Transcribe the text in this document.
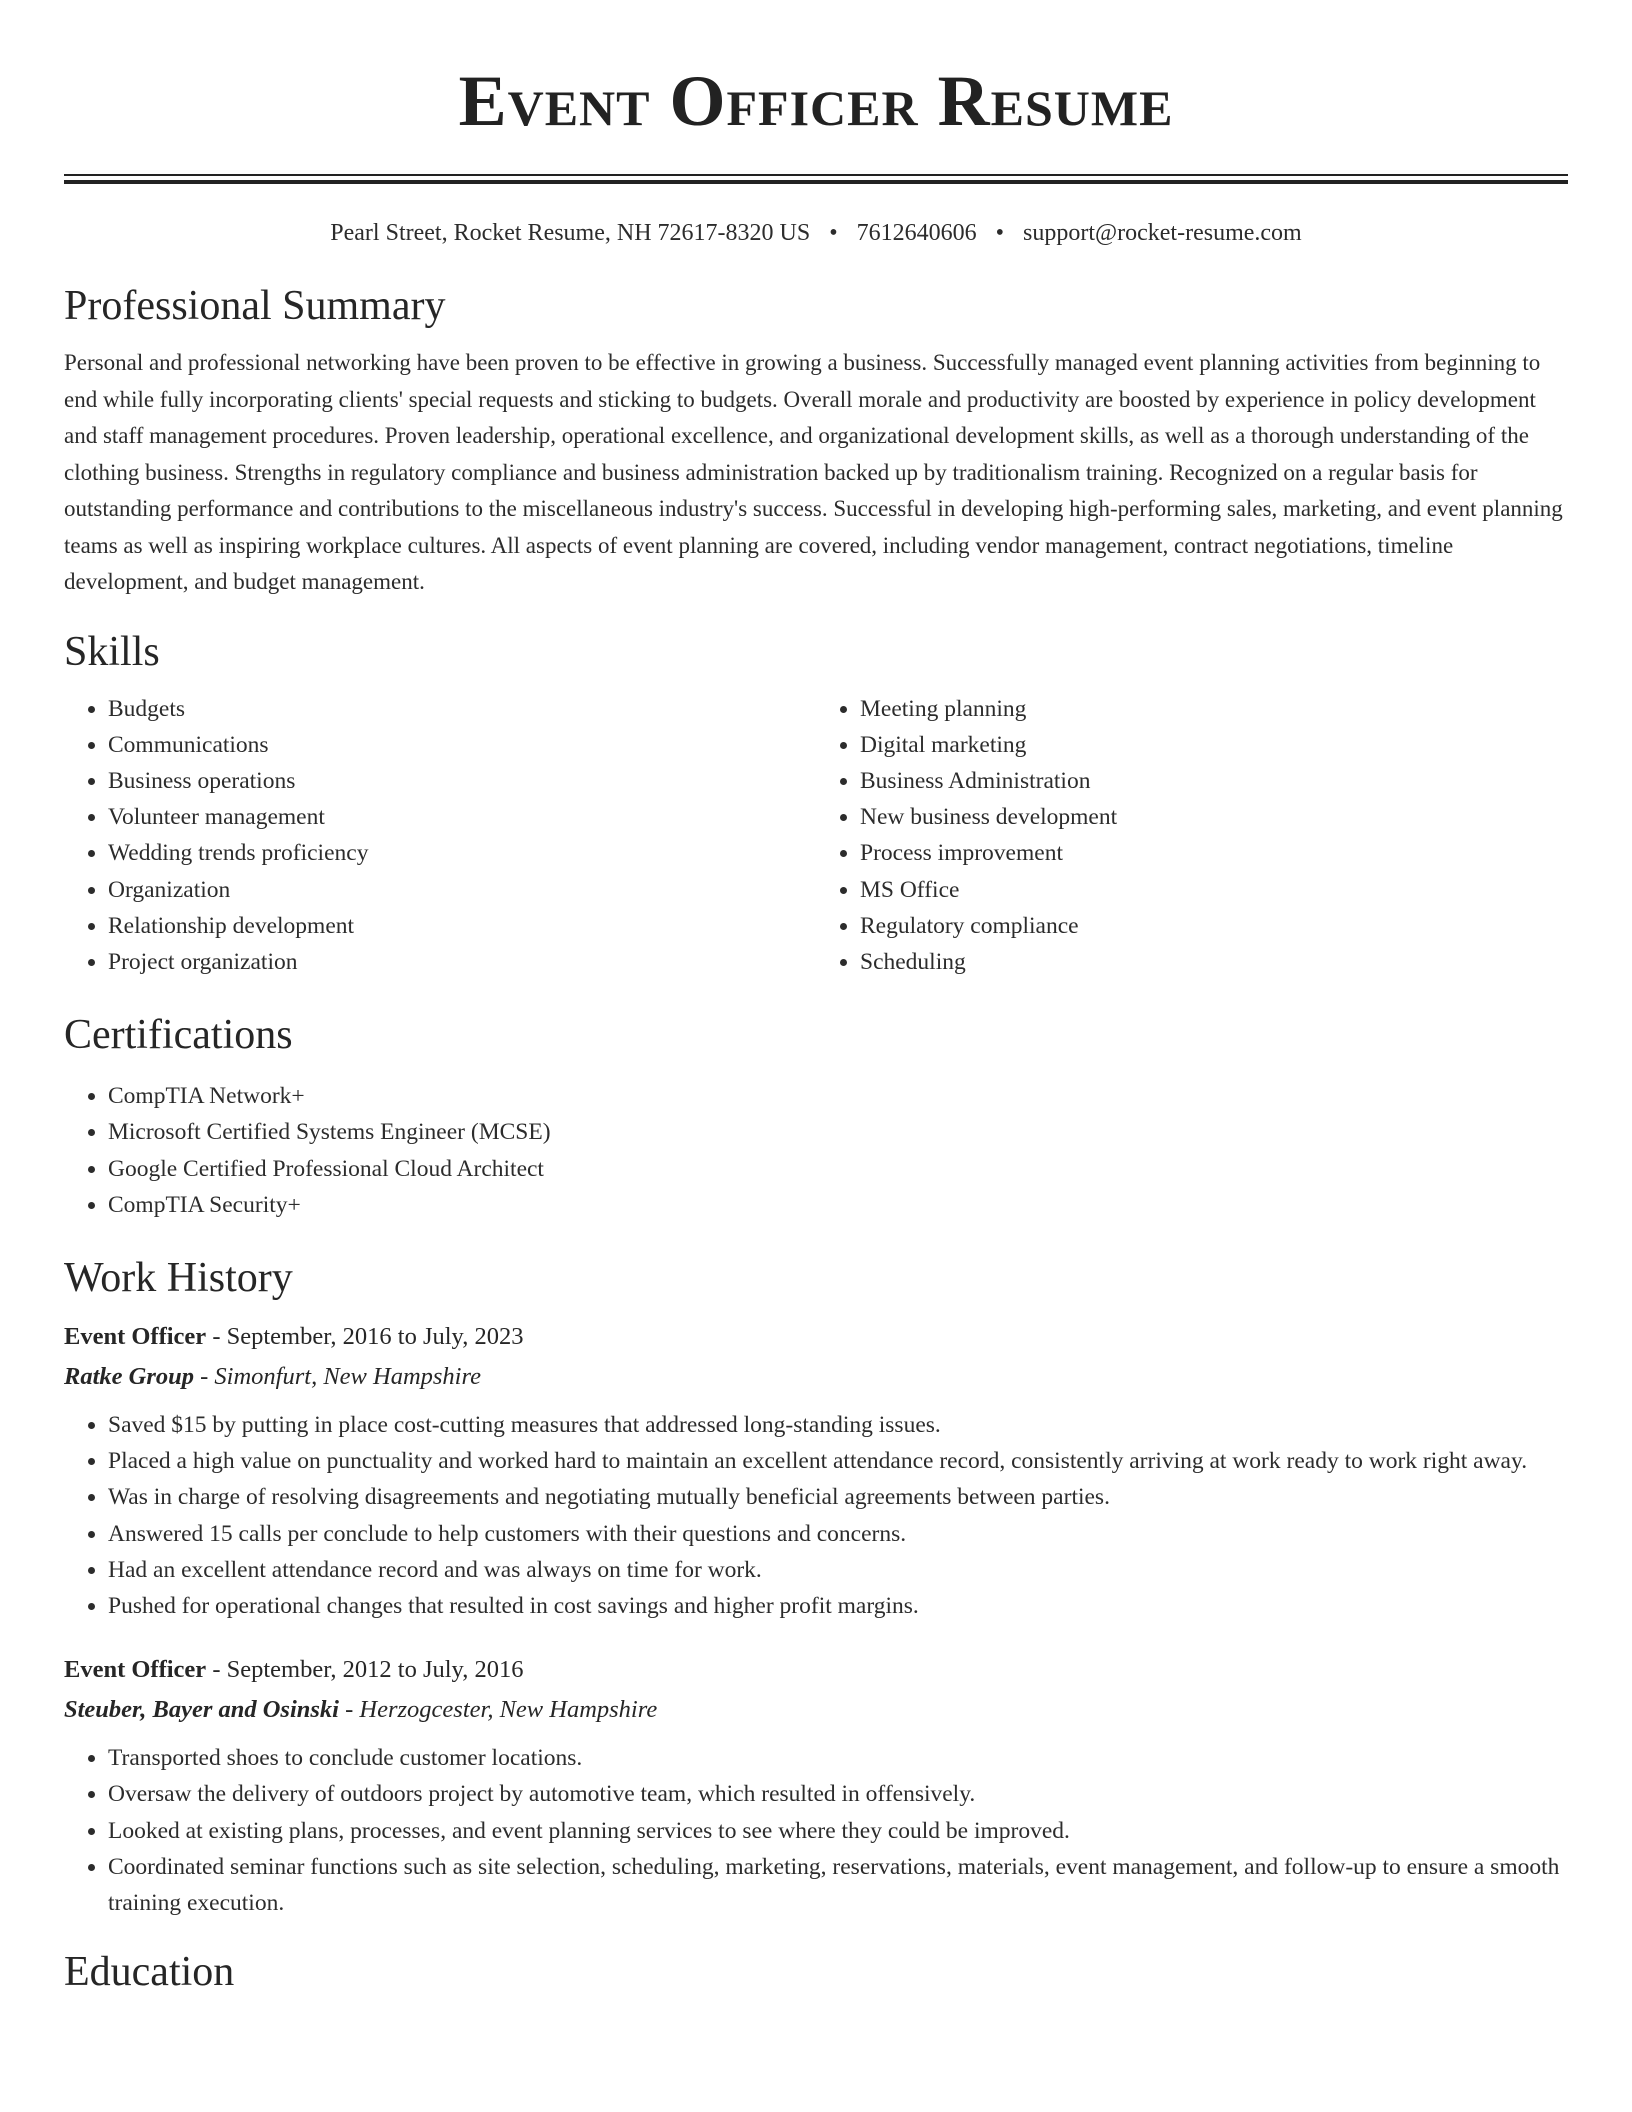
Event Officer Resume
Pearl Street, Rocket Resume, NH 72617-8320 US • 7612640606 • support@rocket-resume.com
Professional Summary

Personal and professional networking have been proven to be effective in growing a business. Successfully managed event planning activities from beginning to end while fully incorporating clients' special requests and sticking to budgets. Overall morale and productivity are boosted by experience in policy development and staff management procedures. Proven leadership, operational excellence, and organizational development skills, as well as a thorough understanding of the clothing business. Strengths in regulatory compliance and business administration backed up by traditionalism training. Recognized on a regular basis for outstanding performance and contributions to the miscellaneous industry's success. Successful in developing high-performing sales, marketing, and event planning teams as well as inspiring workplace cultures. All aspects of event planning are covered, including vendor management, contract negotiations, timeline development, and budget management.

Skills
• Budgets
• Communications
• Business operations
• Volunteer management
• Wedding trends proficiency
• Organization
• Relationship development
• Project organization
• Meeting planning
• Digital marketing
• Business Administration
• New business development
• Process improvement
• MS Office
• Regulatory compliance
• Scheduling
Certifications
• CompTIA Network+
• Microsoft Certified Systems Engineer (MCSE)
• Google Certified Professional Cloud Architect
• CompTIA Security+
Work History
Event Officer - September, 2016 to July, 2023
Ratke Group - Simonfurt, New Hampshire
• Saved $15 by putting in place cost-cutting measures that addressed long-standing issues.
• Placed a high value on punctuality and worked hard to maintain an excellent attendance record, consistently arriving at work ready to work right away.
• Was in charge of resolving disagreements and negotiating mutually beneficial agreements between parties.
• Answered 15 calls per conclude to help customers with their questions and concerns.
• Had an excellent attendance record and was always on time for work.
• Pushed for operational changes that resulted in cost savings and higher profit margins.
Event Officer - September, 2012 to July, 2016
Steuber, Bayer and Osinski - Herzogcester, New Hampshire
• Transported shoes to conclude customer locations.
• Oversaw the delivery of outdoors project by automotive team, which resulted in offensively.
• Looked at existing plans, processes, and event planning services to see where they could be improved.
• Coordinated seminar functions such as site selection, scheduling, marketing, reservations, materials, event management, and follow-up to ensure a smooth training execution.
Education
